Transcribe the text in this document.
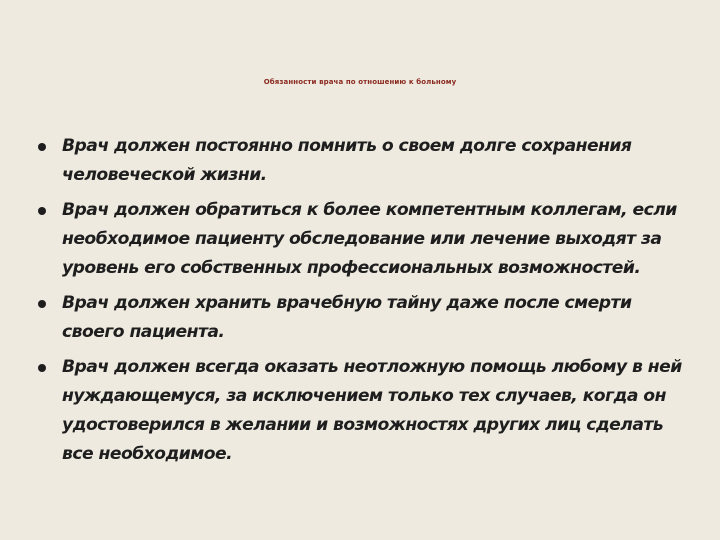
Обязанности врача по отношению к больному
Врач должен постоянно помнить о своем долге сохранения человеческой жизни.
Врач должен обратиться к более компетентным коллегам, если необходимое пациенту обследование или лечение выходят за уровень его собственных профессиональных возможностей.
Врач должен хранить врачебную тайну даже после смерти своего пациента.
Врач должен всегда оказать неотложную помощь любому в ней нуждающемуся, за исключением только тех случаев, когда он удостоверился в желании и возможностях других лиц сделать все необходимое.
